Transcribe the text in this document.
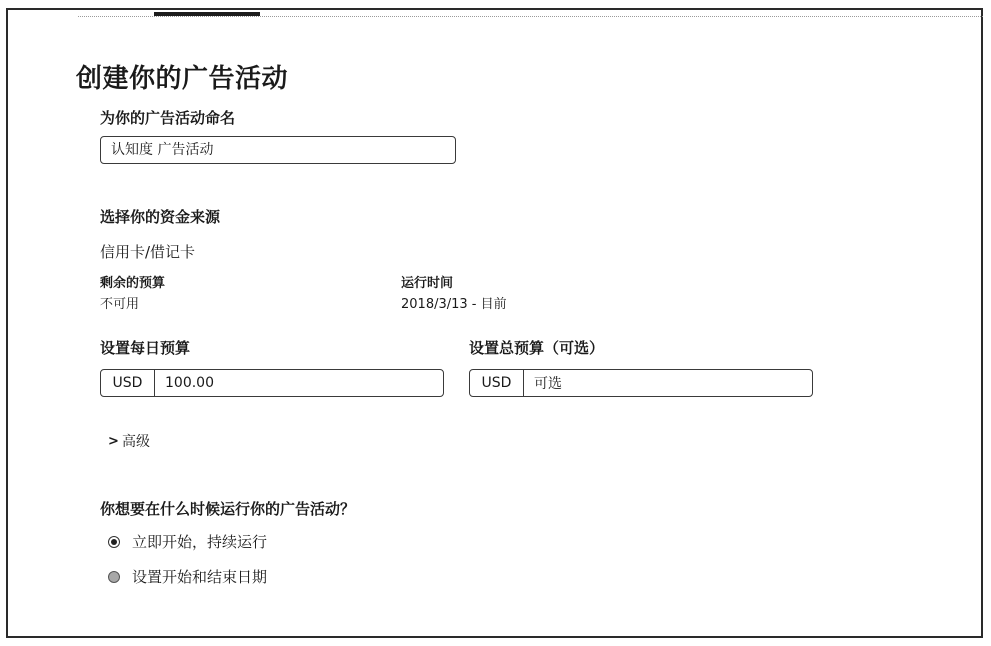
创建你的广告活动
为你的广告活动命名
认知度 广告活动
选择你的资金来源
信用卡/借记卡
剩余的预算
不可用
运行时间
2018/3/13 - 目前
设置每日预算
USD	100.00
设置总预算（可选）
USD	可选
> 高级
你想要在什么时候运行你的广告活动？
立即开始，持续运行
设置开始和结束日期
